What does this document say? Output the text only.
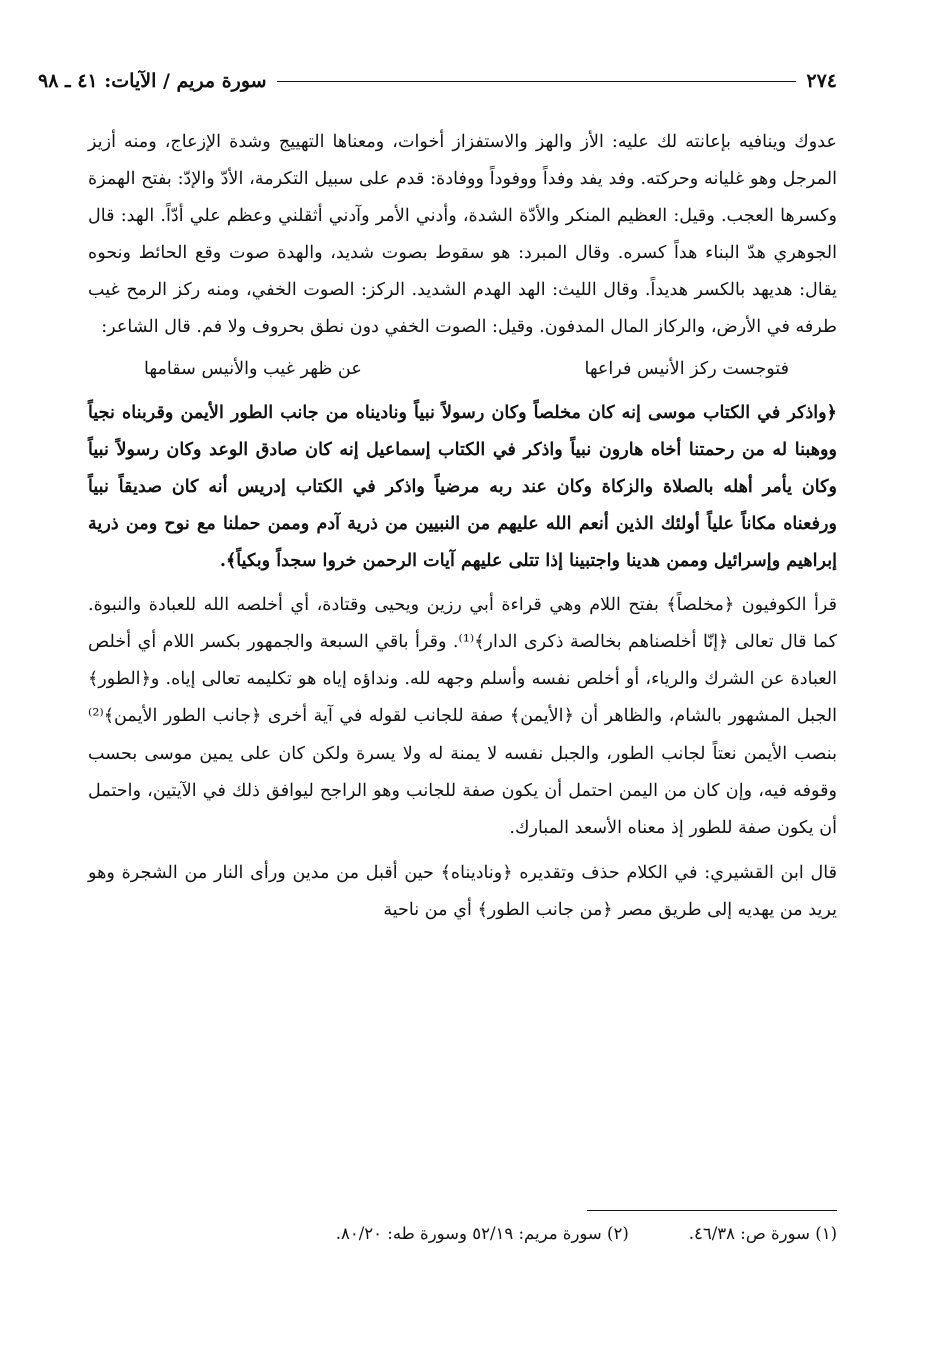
٢٧٤
سورة مريم / الآيات: ٤١ ـ ٩٨

عدوك وينافيه بإعانته لك عليه: الأز والهز والاستفزاز أخوات، ومعناها التهييج وشدة الإزعاج، ومنه أزيز المرجل وهو غليانه وحركته. وفد يفد وفداً ووفوداً ووفادة: قدم على سبيل التكرمة، الأدّ والإدّ: بفتح الهمزة وكسرها العجب. وقيل: العظيم المنكر والأدّة الشدة، وأدني الأمر وآدني أثقلني وعظم علي أدّاً. الهد: قال الجوهري هدّ البناء هداً كسره. وقال المبرد: هو سقوط بصوت شديد، والهدة صوت وقع الحائط ونحوه يقال: هديهد بالكسر هديداً. وقال الليث: الهد الهدم الشديد. الركز: الصوت الخفي، ومنه ركز الرمح غيب طرفه في الأرض، والركاز المال المدفون. وقيل: الصوت الخفي دون نطق بحروف ولا فم. قال الشاعر:

فتوجست ركز الأنيس فراعها
عن ظهر غيب والأنيس سقامها

﴿واذكر في الكتاب موسى إنه كان مخلصاً وكان رسولاً نبياً وناديناه من جانب الطور الأيمن وقربناه نجياً ووهبنا له من رحمتنا أخاه هارون نبياً واذكر في الكتاب إسماعيل إنه كان صادق الوعد وكان رسولاً نبياً وكان يأمر أهله بالصلاة والزكاة وكان عند ربه مرضياً واذكر في الكتاب إدريس أنه كان صديقاً نبياً ورفعناه مكاناً علياً أولئك الذين أنعم الله عليهم من النبيين من ذرية آدم وممن حملنا مع نوح ومن ذرية إبراهيم وإسرائيل وممن هدينا واجتبينا إذا تتلى عليهم آيات الرحمن خروا سجداً وبكياً﴾.

قرأ الكوفيون ﴿مخلصاً﴾ بفتح اللام وهي قراءة أبي رزين ويحيى وقتادة، أي أخلصه الله للعبادة والنبوة. كما قال تعالى ﴿إنّا أخلصناهم بخالصة ذكرى الدار﴾⁽¹⁾. وقرأ باقي السبعة والجمهور بكسر اللام أي أخلص العبادة عن الشرك والرياء، أو أخلص نفسه وأسلم وجهه لله. ونداؤه إياه هو تكليمه تعالى إياه. و﴿الطور﴾ الجبل المشهور بالشام، والظاهر أن ﴿الأيمن﴾ صفة للجانب لقوله في آية أخرى ﴿جانب الطور الأيمن﴾⁽²⁾ بنصب الأيمن نعتاً لجانب الطور، والجبل نفسه لا يمنة له ولا يسرة ولكن كان على يمين موسى بحسب وقوفه فيه، وإن كان من اليمن احتمل أن يكون صفة للجانب وهو الراجح ليوافق ذلك في الآيتين، واحتمل أن يكون صفة للطور إذ معناه الأسعد المبارك.

قال ابن القشيري: في الكلام حذف وتقديره ﴿وناديناه﴾ حين أقبل من مدين ورأى النار من الشجرة وهو يريد من يهديه إلى طريق مصر ﴿من جانب الطور﴾ أي من ناحية

(١) سورة ص: ٤٦/٣٨.
(٢) سورة مريم: ٥٢/١٩ وسورة طه: ٨٠/٢٠.
